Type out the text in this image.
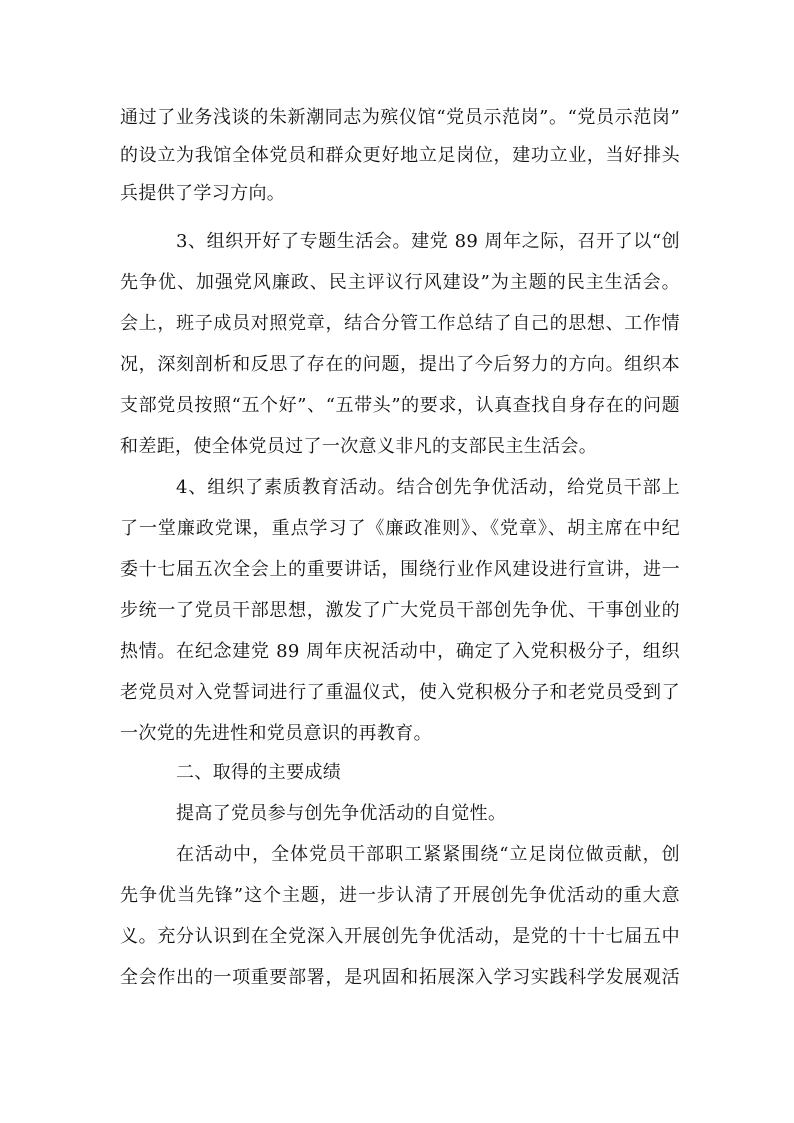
通过了业务浅谈的朱新潮同志为殡仪馆“党员示范岗”。“党员示范岗”
的设立为我馆全体党员和群众更好地立足岗位，建功立业，当好排头
兵提供了学习方向。
3、组织开好了专题生活会。建党 89 周年之际，召开了以“创
先争优、加强党风廉政、民主评议行风建设”为主题的民主生活会。
会上，班子成员对照党章，结合分管工作总结了自己的思想、工作情
况，深刻剖析和反思了存在的问题，提出了今后努力的方向。组织本
支部党员按照“五个好”、“五带头”的要求，认真查找自身存在的问题
和差距，使全体党员过了一次意义非凡的支部民主生活会。
4、组织了素质教育活动。结合创先争优活动，给党员干部上
了一堂廉政党课，重点学习了《廉政准则》、《党章》、胡主席在中纪
委十七届五次全会上的重要讲话，围绕行业作风建设进行宣讲，进一
步统一了党员干部思想，激发了广大党员干部创先争优、干事创业的
热情。在纪念建党 89 周年庆祝活动中，确定了入党积极分子，组织
老党员对入党誓词进行了重温仪式，使入党积极分子和老党员受到了
一次党的先进性和党员意识的再教育。
二、取得的主要成绩
提高了党员参与创先争优活动的自觉性。
在活动中，全体党员干部职工紧紧围绕“立足岗位做贡献，创
先争优当先锋”这个主题，进一步认清了开展创先争优活动的重大意
义。充分认识到在全党深入开展创先争优活动，是党的十十七届五中
全会作出的一项重要部署，是巩固和拓展深入学习实践科学发展观活
